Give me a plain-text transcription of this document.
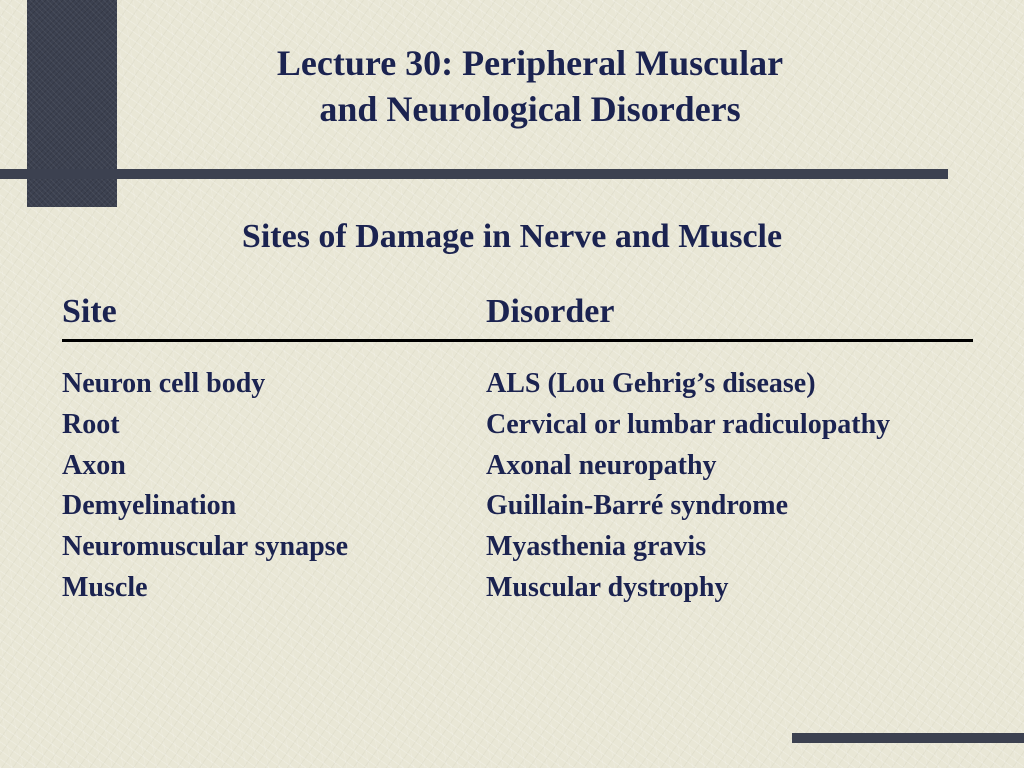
Lecture 30: Peripheral Muscular
and Neurological Disorders
Sites of Damage in Nerve and Muscle
Site	Disorder
Neuron cell body	ALS (Lou Gehrig’s disease)
Root	Cervical or lumbar radiculopathy
Axon	Axonal neuropathy
Demyelination	Guillain-Barré syndrome
Neuromuscular synapse	Myasthenia gravis
Muscle	Muscular dystrophy
